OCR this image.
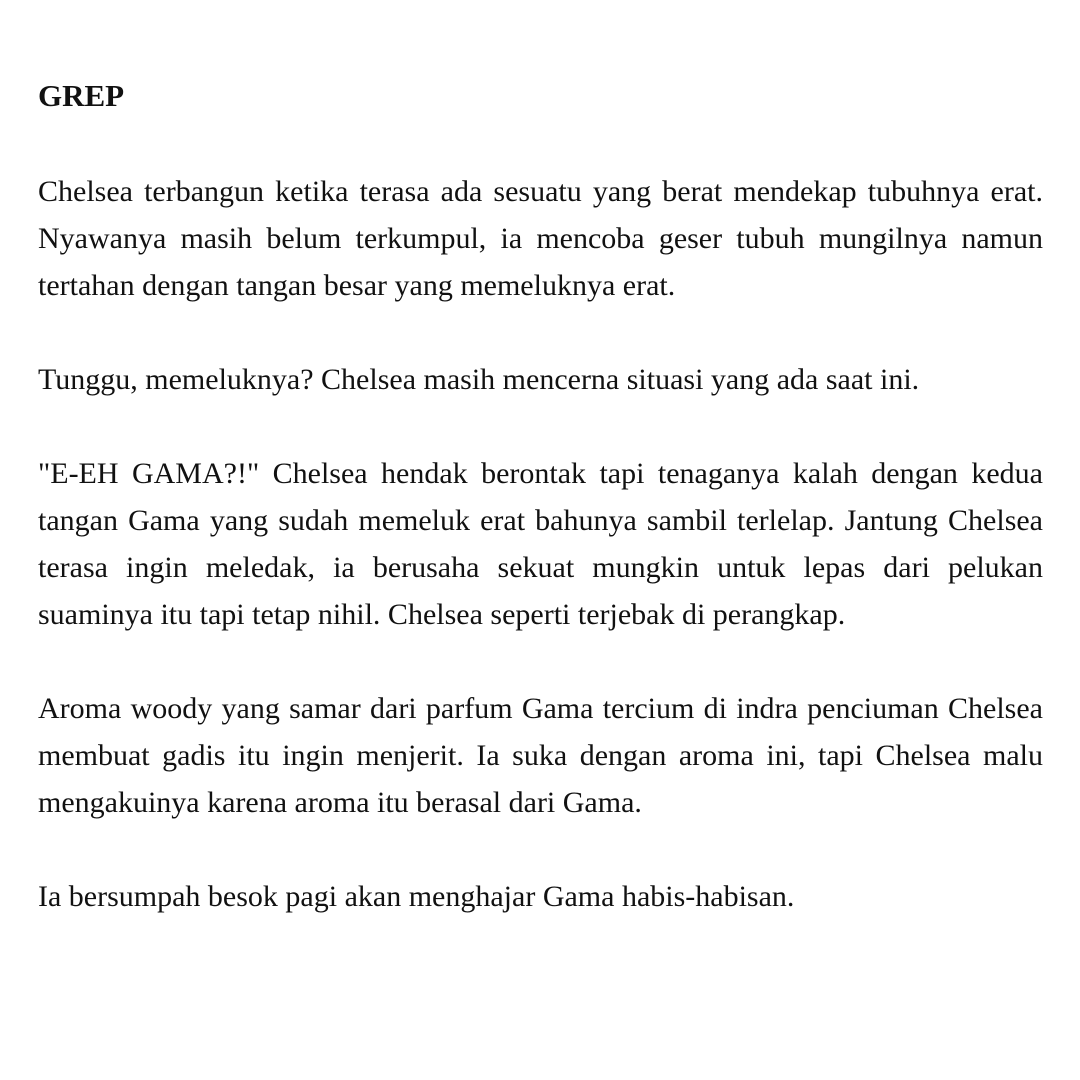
GREP

Chelsea terbangun ketika terasa ada sesuatu yang berat mendekap tubuhnya erat. Nyawanya masih belum terkumpul, ia mencoba geser tubuh mungilnya namun tertahan dengan tangan besar yang memeluknya erat.

Tunggu, memeluknya? Chelsea masih mencerna situasi yang ada saat ini.

"E-EH GAMA?!" Chelsea hendak berontak tapi tenaganya kalah dengan kedua tangan Gama yang sudah memeluk erat bahunya sambil terlelap. Jantung Chelsea terasa ingin meledak, ia berusaha sekuat mungkin untuk lepas dari pelukan suaminya itu tapi tetap nihil. Chelsea seperti terjebak di perangkap.

Aroma woody yang samar dari parfum Gama tercium di indra penciuman Chelsea membuat gadis itu ingin menjerit. Ia suka dengan aroma ini, tapi Chelsea malu mengakuinya karena aroma itu berasal dari Gama.

Ia bersumpah besok pagi akan menghajar Gama habis-habisan.
